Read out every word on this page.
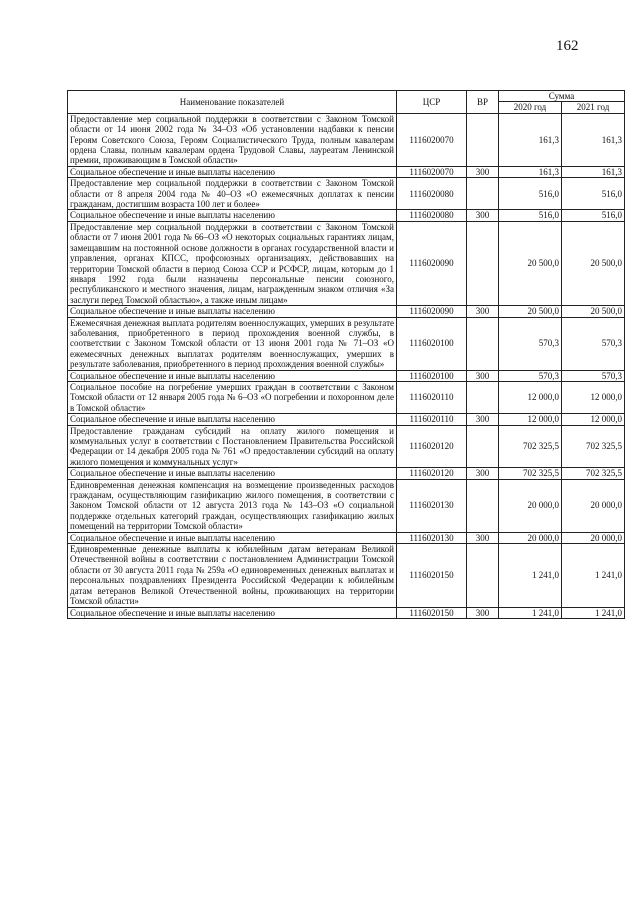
162
Наименование показателей	ЦСР	ВР	Сумма	
			2020 год	2021 год
Предоставление мер социальной поддержки в соответствии с Законом Томской области от 14 июня 2002 года № 34–ОЗ «Об установлении надбавки к пенсии Героям Советского Союза, Героям Социалистического Труда, полным кавалерам ордена Славы, полным кавалерам ордена Трудовой Славы, лауреатам Ленинской премии, проживающим в Томской области»	1116020070		161,3	161,3
Социальное обеспечение и иные выплаты населению	1116020070	300	161,3	161,3
Предоставление мер социальной поддержки в соответствии с Законом Томской области от 8 апреля 2004 года № 40–ОЗ «О ежемесячных доплатах к пенсии гражданам, достигшим возраста 100 лет и более»	1116020080		516,0	516,0
Социальное обеспечение и иные выплаты населению	1116020080	300	516,0	516,0
Предоставление мер социальной поддержки в соответствии с Законом Томской области от 7 июня 2001 года № 66–ОЗ «О некоторых социальных гарантиях лицам, замещавшим на постоянной основе должности в органах государственной власти и управления, органах КПСС, профсоюзных организациях, действовавших на территории Томской области в период Союза ССР и РСФСР, лицам, которым до 1 января 1992 года были назначены персональные пенсии союзного, республиканского и местного значения, лицам, награжденным знаком отличия «За заслуги перед Томской областью», а также иным лицам»	1116020090		20 500,0	20 500,0
Социальное обеспечение и иные выплаты населению	1116020090	300	20 500,0	20 500,0
Ежемесячная денежная выплата родителям военнослужащих, умерших в результате заболевания, приобретенного в период прохождения военной службы, в соответствии с Законом Томской области от 13 июня 2001 года № 71–ОЗ «О ежемесячных денежных выплатах родителям военнослужащих, умерших в результате заболевания, приобретенного в период прохождения военной службы»	1116020100		570,3	570,3
Социальное обеспечение и иные выплаты населению	1116020100	300	570,3	570,3
Социальное пособие на погребение умерших граждан в соответствии с Законом Томской области от 12 января 2005 года № 6–ОЗ «О погребении и похоронном деле в Томской области»	1116020110		12 000,0	12 000,0
Социальное обеспечение и иные выплаты населению	1116020110	300	12 000,0	12 000,0
Предоставление гражданам субсидий на оплату жилого помещения и коммунальных услуг в соответствии с Постановлением Правительства Российской Федерации от 14 декабря 2005 года № 761 «О предоставлении субсидий на оплату жилого помещения и коммунальных услуг»	1116020120		702 325,5	702 325,5
Социальное обеспечение и иные выплаты населению	1116020120	300	702 325,5	702 325,5
Единовременная денежная компенсация на возмещение произведенных расходов гражданам, осуществляющим газификацию жилого помещения, в соответствии с Законом Томской области от 12 августа 2013 года № 143–ОЗ «О социальной поддержке отдельных категорий граждан, осуществляющих газификацию жилых помещений на территории Томской области»	1116020130		20 000,0	20 000,0
Социальное обеспечение и иные выплаты населению	1116020130	300	20 000,0	20 000,0
Единовременные денежные выплаты к юбилейным датам ветеранам Великой Отечественной войны в соответствии с постановлением Администрации Томской области от 30 августа 2011 года № 259а «О единовременных денежных выплатах и персональных поздравлениях Президента Российской Федерации к юбилейным датам ветеранов Великой Отечественной войны, проживающих на территории Томской области»	1116020150		1 241,0	1 241,0
Социальное обеспечение и иные выплаты населению	1116020150	300	1 241,0	1 241,0
